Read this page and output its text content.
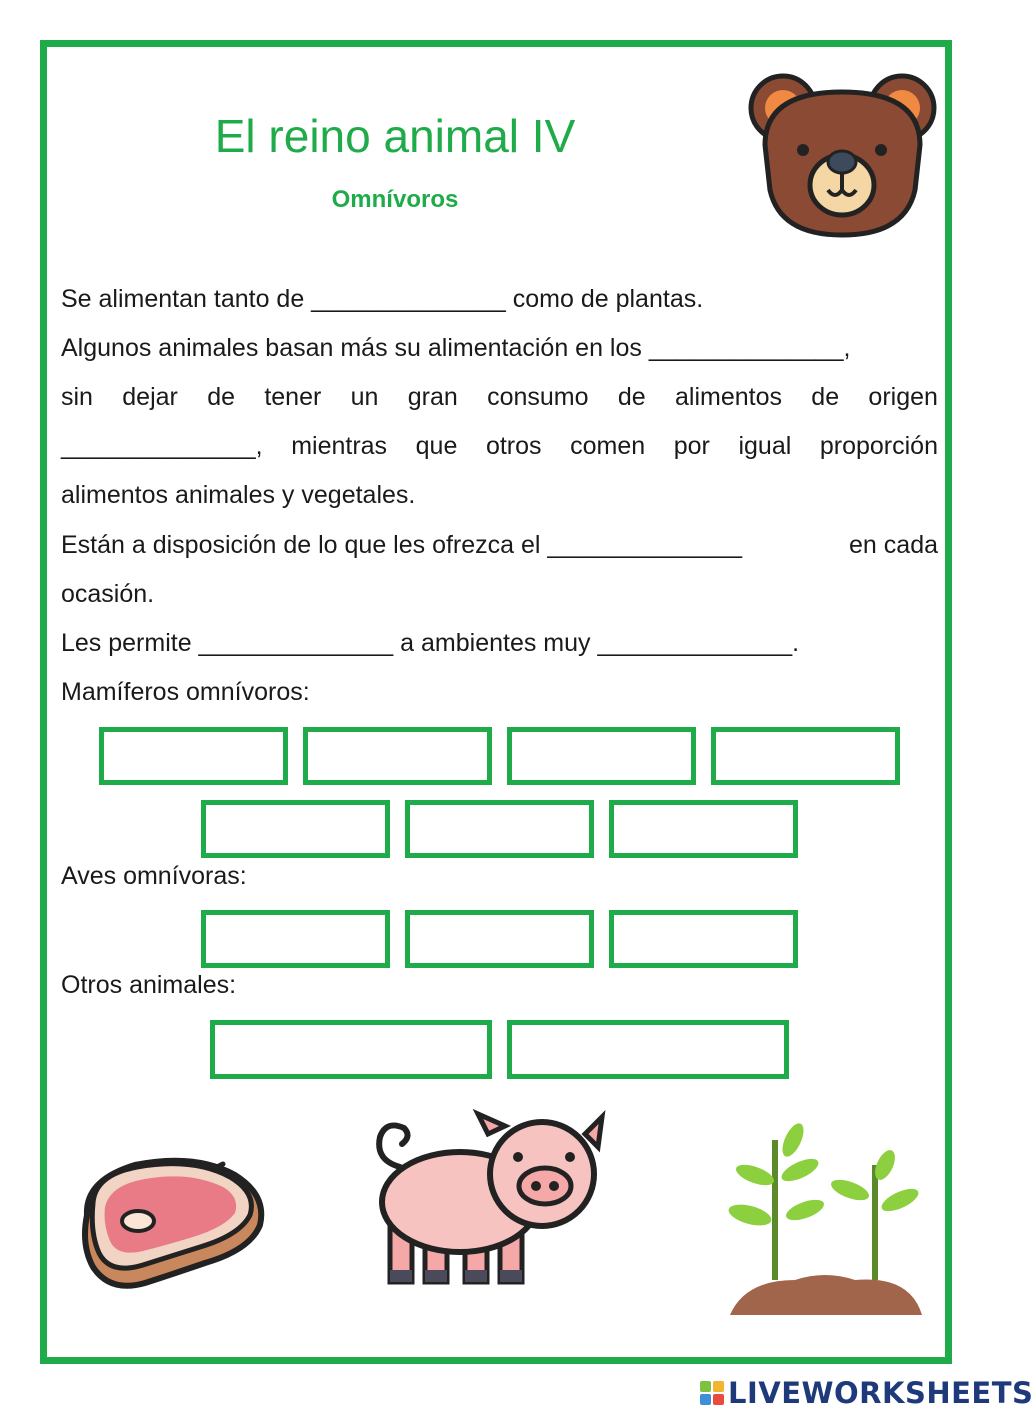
El reino animal IV
Omnívoros
Se alimentan tanto de ______________ como de plantas.
Algunos animales basan más su alimentación en los ______________,
sin dejar de tener un gran consumo de alimentos de origen
______________, mientras que otros comen por igual proporción
alimentos animales y vegetales.
Están a disposición de lo que les ofrezca el ______________	en cada
ocasión.
Les permite ______________ a ambientes muy ______________.
Mamíferos omnívoros:
Aves omnívoras:
Otros animales:
LIVEWORKSHEETS
